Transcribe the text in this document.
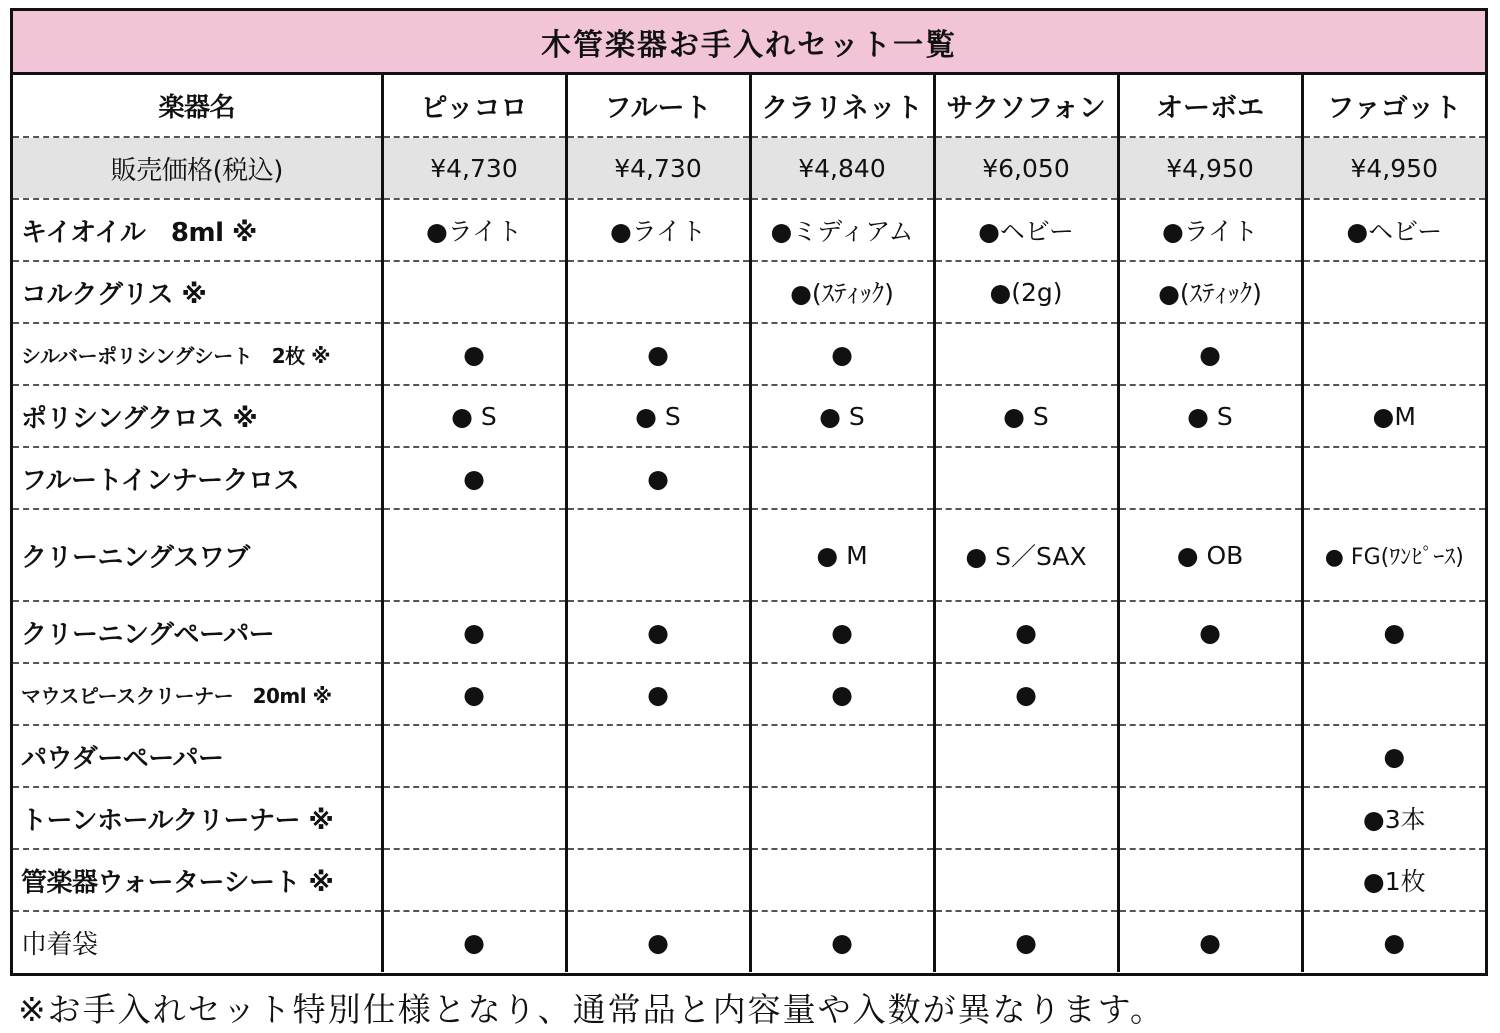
木管楽器お手入れセット一覧
楽器名	ピッコロ	フルート	クラリネット	サクソフォン	オーボエ	ファゴット
販売価格(税込)	¥4,730	¥4,730	¥4,840	¥6,050	¥4,950	¥4,950
キイオイル　8ml ※	●ライト	●ライト	●ミディアム	●ヘビー	●ライト	●ヘビー
コルクグリス ※			●(ｽﾃｨｯｸ)	●(2g)	●(ｽﾃｨｯｸ)	
シルバーポリシングシート　2枚 ※	●	●	●		●	
ポリシングクロス ※	● S	● S	● S	● S	● S	●M
フルートインナークロス	●	●				
クリーニングスワブ			● M	● S／SAX	● OB	● FG(ﾜﾝﾋﾟｰｽ)
クリーニングペーパー	●	●	●	●	●	●
マウスピースクリーナー　20ml ※	●	●	●	●		
パウダーペーパー						●
トーンホールクリーナー ※						●3本
管楽器ウォーターシート ※						●1枚
巾着袋	●	●	●	●	●	●
※お手入れセット特別仕様となり、通常品と内容量や入数が異なります。
